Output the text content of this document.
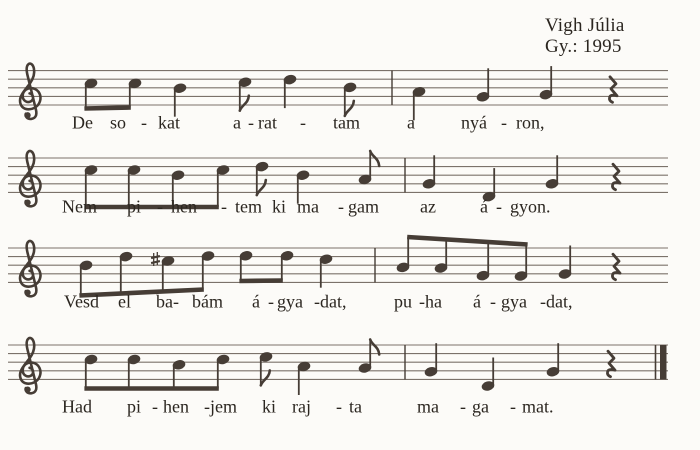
Vigh Júlia
Gy.: 1995
De so - kat	a - rat - tam	a	nyá - ron,
Nem pi - hen - tem ki ma - gam az á - gyon.
Vesd el ba- bám á - gya -dat,	pu -ha á - gya -dat,
Had pi - hen - jem ki raj - ta	ma - ga - mat.
